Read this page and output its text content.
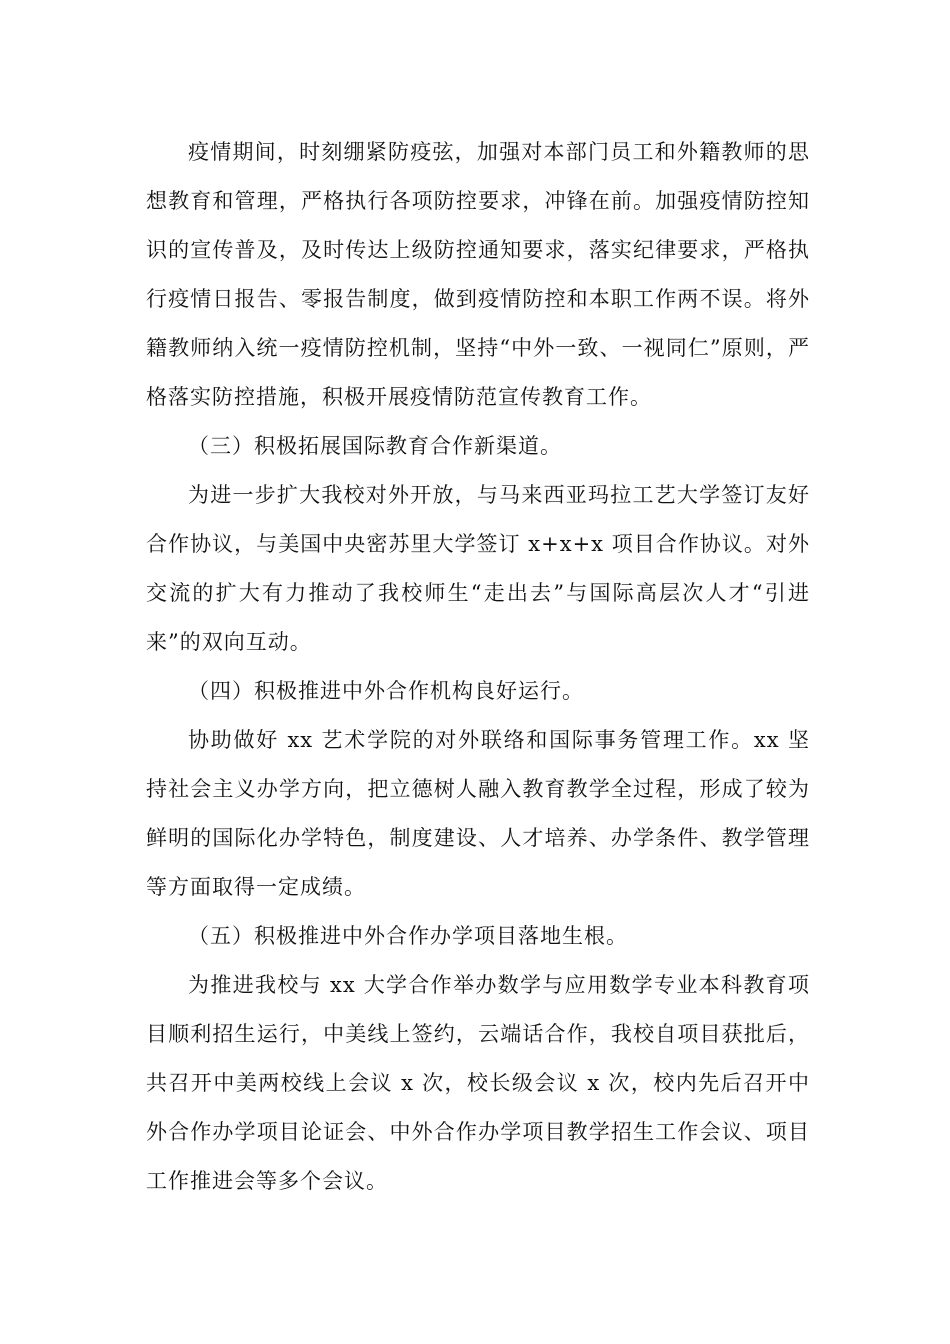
疫情期间，时刻绷紧防疫弦，加强对本部门员工和外籍教师的思想教育和管理，严格执行各项防控要求，冲锋在前。加强疫情防控知识的宣传普及，及时传达上级防控通知要求，落实纪律要求，严格执行疫情日报告、零报告制度，做到疫情防控和本职工作两不误。将外籍教师纳入统一疫情防控机制，坚持“中外一致、一视同仁”原则，严格落实防控措施，积极开展疫情防范宣传教育工作。

（三）积极拓展国际教育合作新渠道。

为进一步扩大我校对外开放，与马来西亚玛拉工艺大学签订友好合作协议，与美国中央密苏里大学签订 x+x+x 项目合作协议。对外交流的扩大有力推动了我校师生“走出去”与国际高层次人才“引进来”的双向互动。

（四）积极推进中外合作机构良好运行。

协助做好 xx 艺术学院的对外联络和国际事务管理工作。xx 坚持社会主义办学方向，把立德树人融入教育教学全过程，形成了较为鲜明的国际化办学特色，制度建设、人才培养、办学条件、教学管理等方面取得一定成绩。

（五）积极推进中外合作办学项目落地生根。

为推进我校与 xx 大学合作举办数学与应用数学专业本科教育项目顺利招生运行，中美线上签约，云端话合作，我校自项目获批后，共召开中美两校线上会议 x 次，校长级会议 x 次，校内先后召开中外合作办学项目论证会、中外合作办学项目教学招生工作会议、项目工作推进会等多个会议。
